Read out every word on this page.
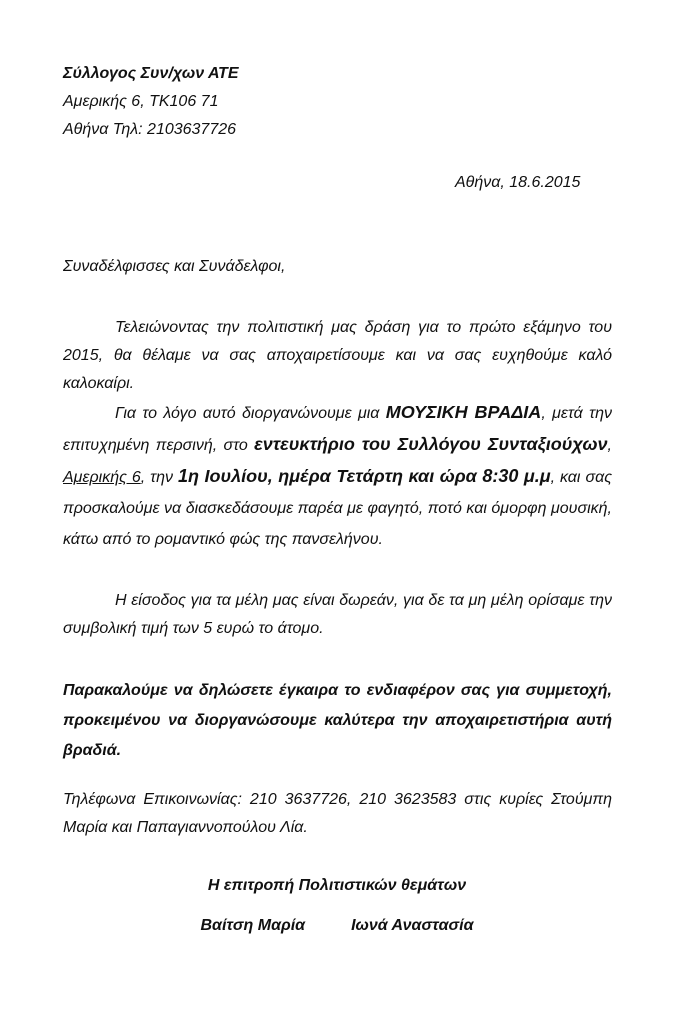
Σύλλογος Συν/χων ΑΤΕ
Αμερικής 6, ΤΚ106 71
Αθήνα Τηλ: 2103637726
Αθήνα, 18.6.2015
Συναδέλφισσες και Συνάδελφοι,
Τελειώνοντας την πολιτιστική μας δράση για το πρώτο εξάμηνο του 2015, θα θέλαμε να σας αποχαιρετίσουμε και να σας ευχηθούμε καλό καλοκαίρι.
Για το λόγο αυτό διοργανώνουμε μια ΜΟΥΣΙΚΗ ΒΡΑΔΙΑ, μετά την επιτυχημένη περσινή, στο εντευκτήριο του Συλλόγου Συνταξιούχων, Αμερικής 6, την 1η Ιουλίου, ημέρα Τετάρτη και ώρα 8:30 μ.μ, και σας προσκαλούμε να διασκεδάσουμε παρέα με φαγητό, ποτό και όμορφη μουσική, κάτω από το ρομαντικό φώς της πανσελήνου.
Η είσοδος για τα μέλη μας είναι δωρεάν, για δε τα μη μέλη ορίσαμε την συμβολική τιμή των 5 ευρώ το άτομο.
Παρακαλούμε να δηλώσετε έγκαιρα το ενδιαφέρον σας για συμμετοχή, προκειμένου να διοργανώσουμε καλύτερα την αποχαιρετιστήρια αυτή βραδιά.
Τηλέφωνα Επικοινωνίας: 210 3637726, 210 3623583 στις κυρίες Στούμπη Μαρία και Παπαγιαννοπούλου Λία.
Η επιτροπή Πολιτιστικών θεμάτων
Βαίτση Μαρία	Ιωνά Αναστασία
